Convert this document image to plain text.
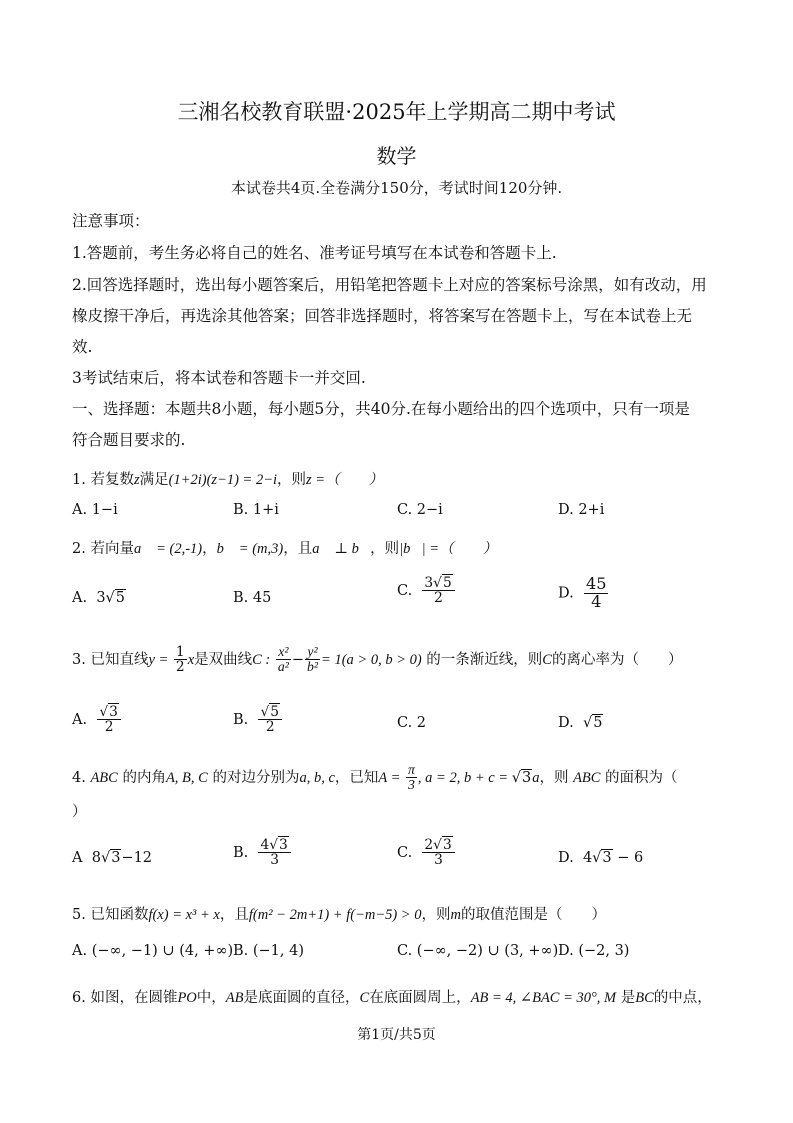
三湘名校教育联盟·2025年上学期高二期中考试
数学
本试卷共4页.全卷满分150分，考试时间120分钟.
注意事项：
1.答题前，考生务必将自己的姓名、准考证号填写在本试卷和答题卡上.
2.回答选择题时，选出每小题答案后，用铅笔把答题卡上对应的答案标号涂黑，如有改动，用
橡皮擦干净后，再选涂其他答案；回答非选择题时，将答案写在答题卡上，写在本试卷上无
效.
3考试结束后，将本试卷和答题卡一并交回.
一、选择题：本题共8小题，每小题5分，共40分.在每小题给出的四个选项中，只有一项是
符合题目要求的.
1. 若复数z满足(1+2i)(z−1) = 2−i，则z =（　　）
A. 1−i	B. 1+i	C. 2−i	D. 2+i
2. 若向量a⃗ = (2,-1)，b⃗ = (m,3)，且a⃗ ⊥ b⃗，则|b⃗| =（　　）
A. 3√5	B. 45	C. $\frac{3√5}{2}$	D. $\frac{45}{4}$
3. 已知直线$y = \frac{1}{2}$ x是双曲线C : $\frac{\text{x²}}{\text{a²}} - \frac{\text{y²}}{\text{b²}} = 1(a > 0$, b > 0) 的一条渐近线，则C的离心率为（　　）
A. $\frac{√3}{2}$	B. $\frac{√5}{2}$	C. 2	D. √5
4. ABC 的内角A, B, C 的对边分别为a, b, c，已知$A = \frac{\pi}{3}$ , a = 2, b + c = √3a，则 ABC 的面积为（
）
A 8√3−12	B. $\frac{4√3}{3}$	C. $\frac{2√3}{3}$	D. 4√3 − 6
5. 已知函数f(x) = x³ + x，且f(m² − 2m+1) + f(−m−5) > 0，则m的取值范围是（　　）
A. (−∞, −1) ∪ (4, +∞) B. (−1, 4)	C. (−∞, −2) ∪ (3, +∞) D. (−2, 3)
6. 如图，在圆锥PO中，AB是底面圆的直径，C在底面圆周上，AB = 4, ∠BAC = 30°, M 是BC的中点，
第1页/共5页
